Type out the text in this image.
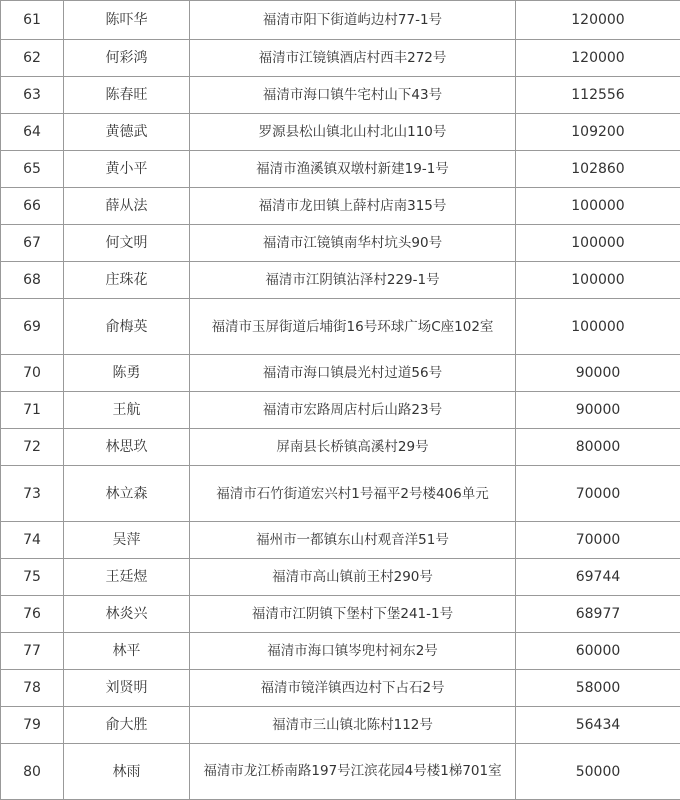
61	陈吓华	福清市阳下街道屿边村77-1号	120000
62	何彩鸿	福清市江镜镇酒店村西丰272号	120000
63	陈春旺	福清市海口镇牛宅村山下43号	112556
64	黄德武	罗源县松山镇北山村北山110号	109200
65	黄小平	福清市渔溪镇双墩村新建19-1号	102860
66	薛从法	福清市龙田镇上薛村店南315号	100000
67	何文明	福清市江镜镇南华村坑头90号	100000
68	庄珠花	福清市江阴镇沾泽村229-1号	100000
69	俞梅英	福清市玉屏街道后埔街16号环球广场C座102室	100000
70	陈勇	福清市海口镇晨光村过道56号	90000
71	王航	福清市宏路周店村后山路23号	90000
72	林思玖	屏南县长桥镇高溪村29号	80000
73	林立森	福清市石竹街道宏兴村1号福平2号楼406单元	70000
74	吴萍	福州市一都镇东山村观音洋51号	70000
75	王廷煜	福清市高山镇前王村290号	69744
76	林炎兴	福清市江阴镇下堡村下堡241-1号	68977
77	林平	福清市海口镇岑兜村祠东2号	60000
78	刘贤明	福清市镜洋镇西边村下占石2号	58000
79	俞大胜	福清市三山镇北陈村112号	56434
80	林雨	福清市龙江桥南路197号江滨花园4号楼1梯701室	50000
